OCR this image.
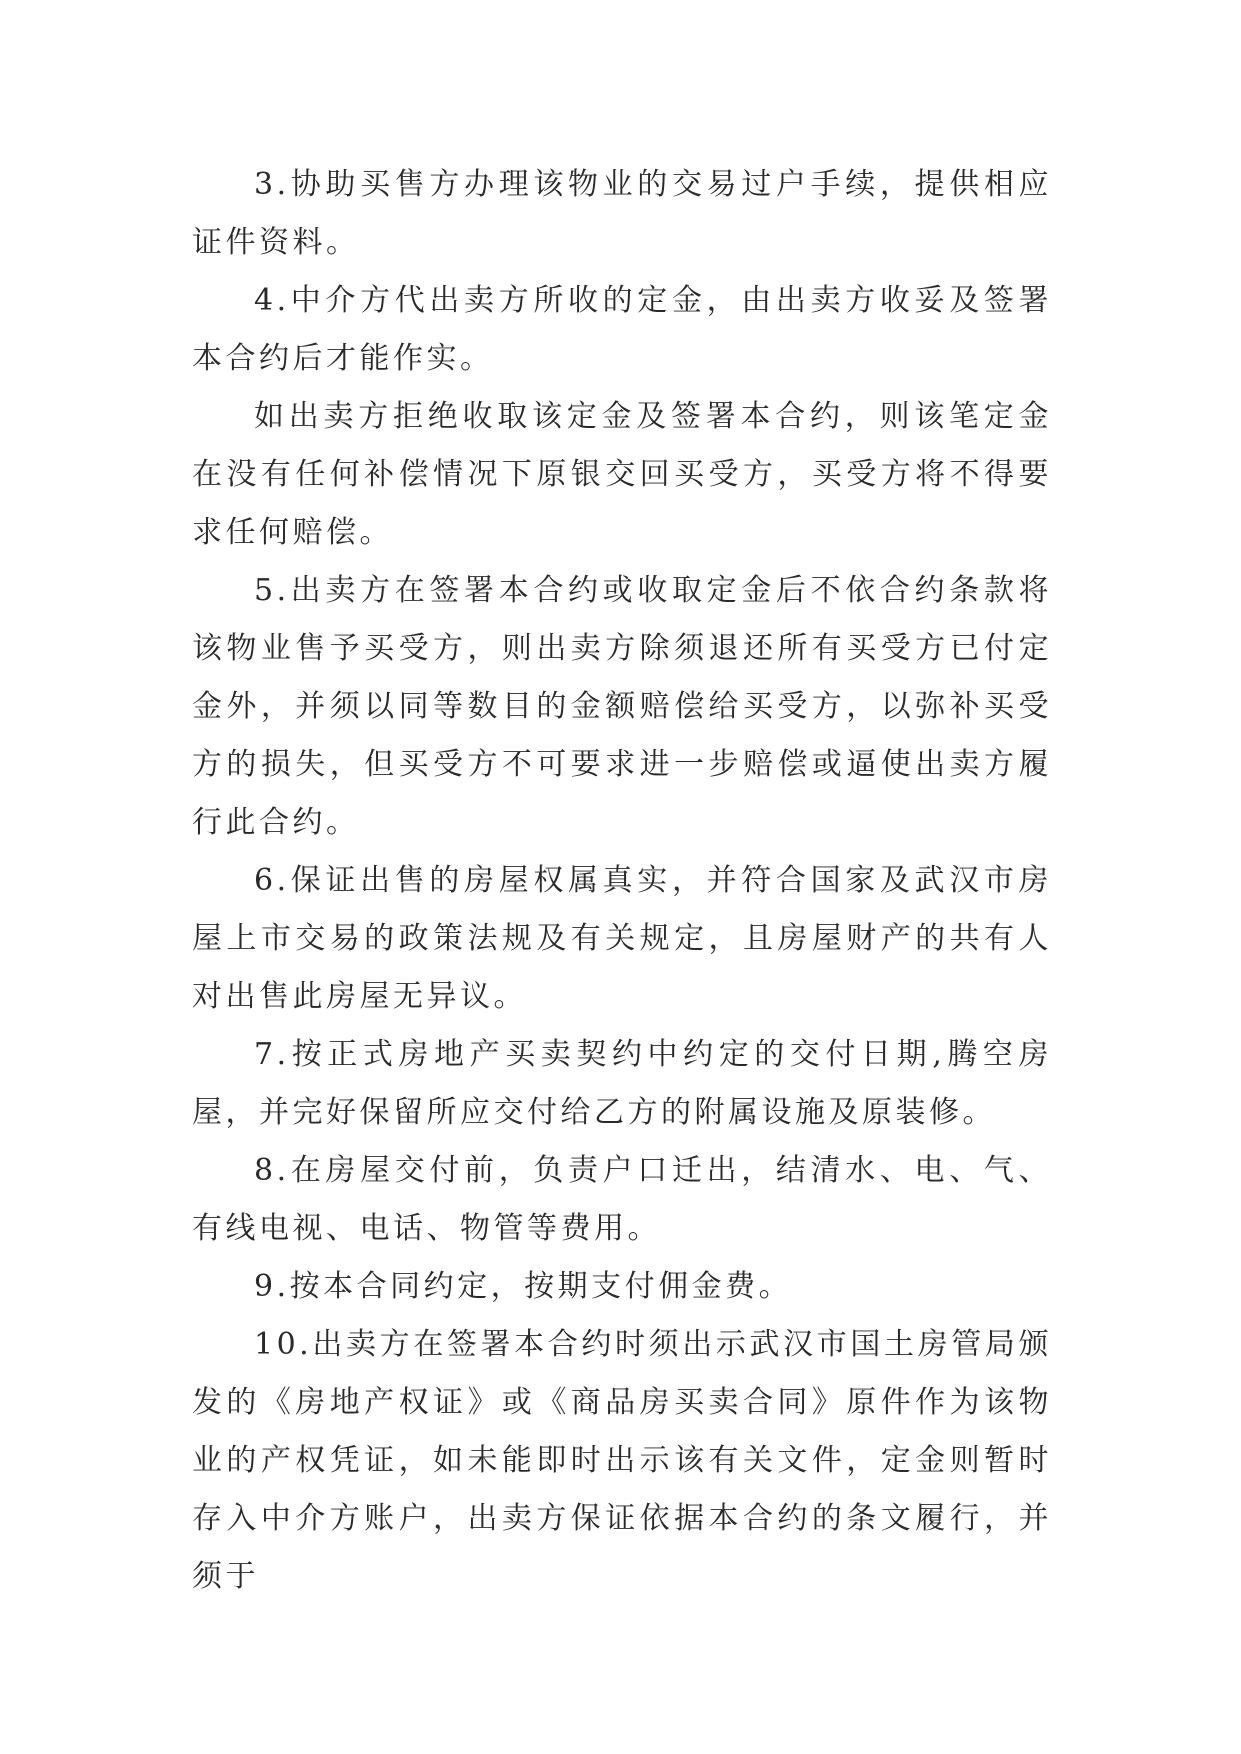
3.协助买售方办理该物业的交易过户手续，提供相应证件资料。

4.中介方代出卖方所收的定金，由出卖方收妥及签署本合约后才能作实。

如出卖方拒绝收取该定金及签署本合约，则该笔定金在没有任何补偿情况下原银交回买受方，买受方将不得要求任何赔偿。

5.出卖方在签署本合约或收取定金后不依合约条款将该物业售予买受方，则出卖方除须退还所有买受方已付定金外，并须以同等数目的金额赔偿给买受方，以弥补买受方的损失，但买受方不可要求进一步赔偿或逼使出卖方履行此合约。

6.保证出售的房屋权属真实，并符合国家及武汉市房屋上市交易的政策法规及有关规定，且房屋财产的共有人对出售此房屋无异议。

7.按正式房地产买卖契约中约定的交付日期,腾空房屋，并完好保留所应交付给乙方的附属设施及原装修。

8.在房屋交付前，负责户口迁出，结清水、电、气、有线电视、电话、物管等费用。

9.按本合同约定，按期支付佣金费。

10.出卖方在签署本合约时须出示武汉市国土房管局颁发的《房地产权证》或《商品房买卖合同》原件作为该物业的产权凭证，如未能即时出示该有关文件，定金则暂时存入中介方账户，出卖方保证依据本合约的条文履行，并须于
